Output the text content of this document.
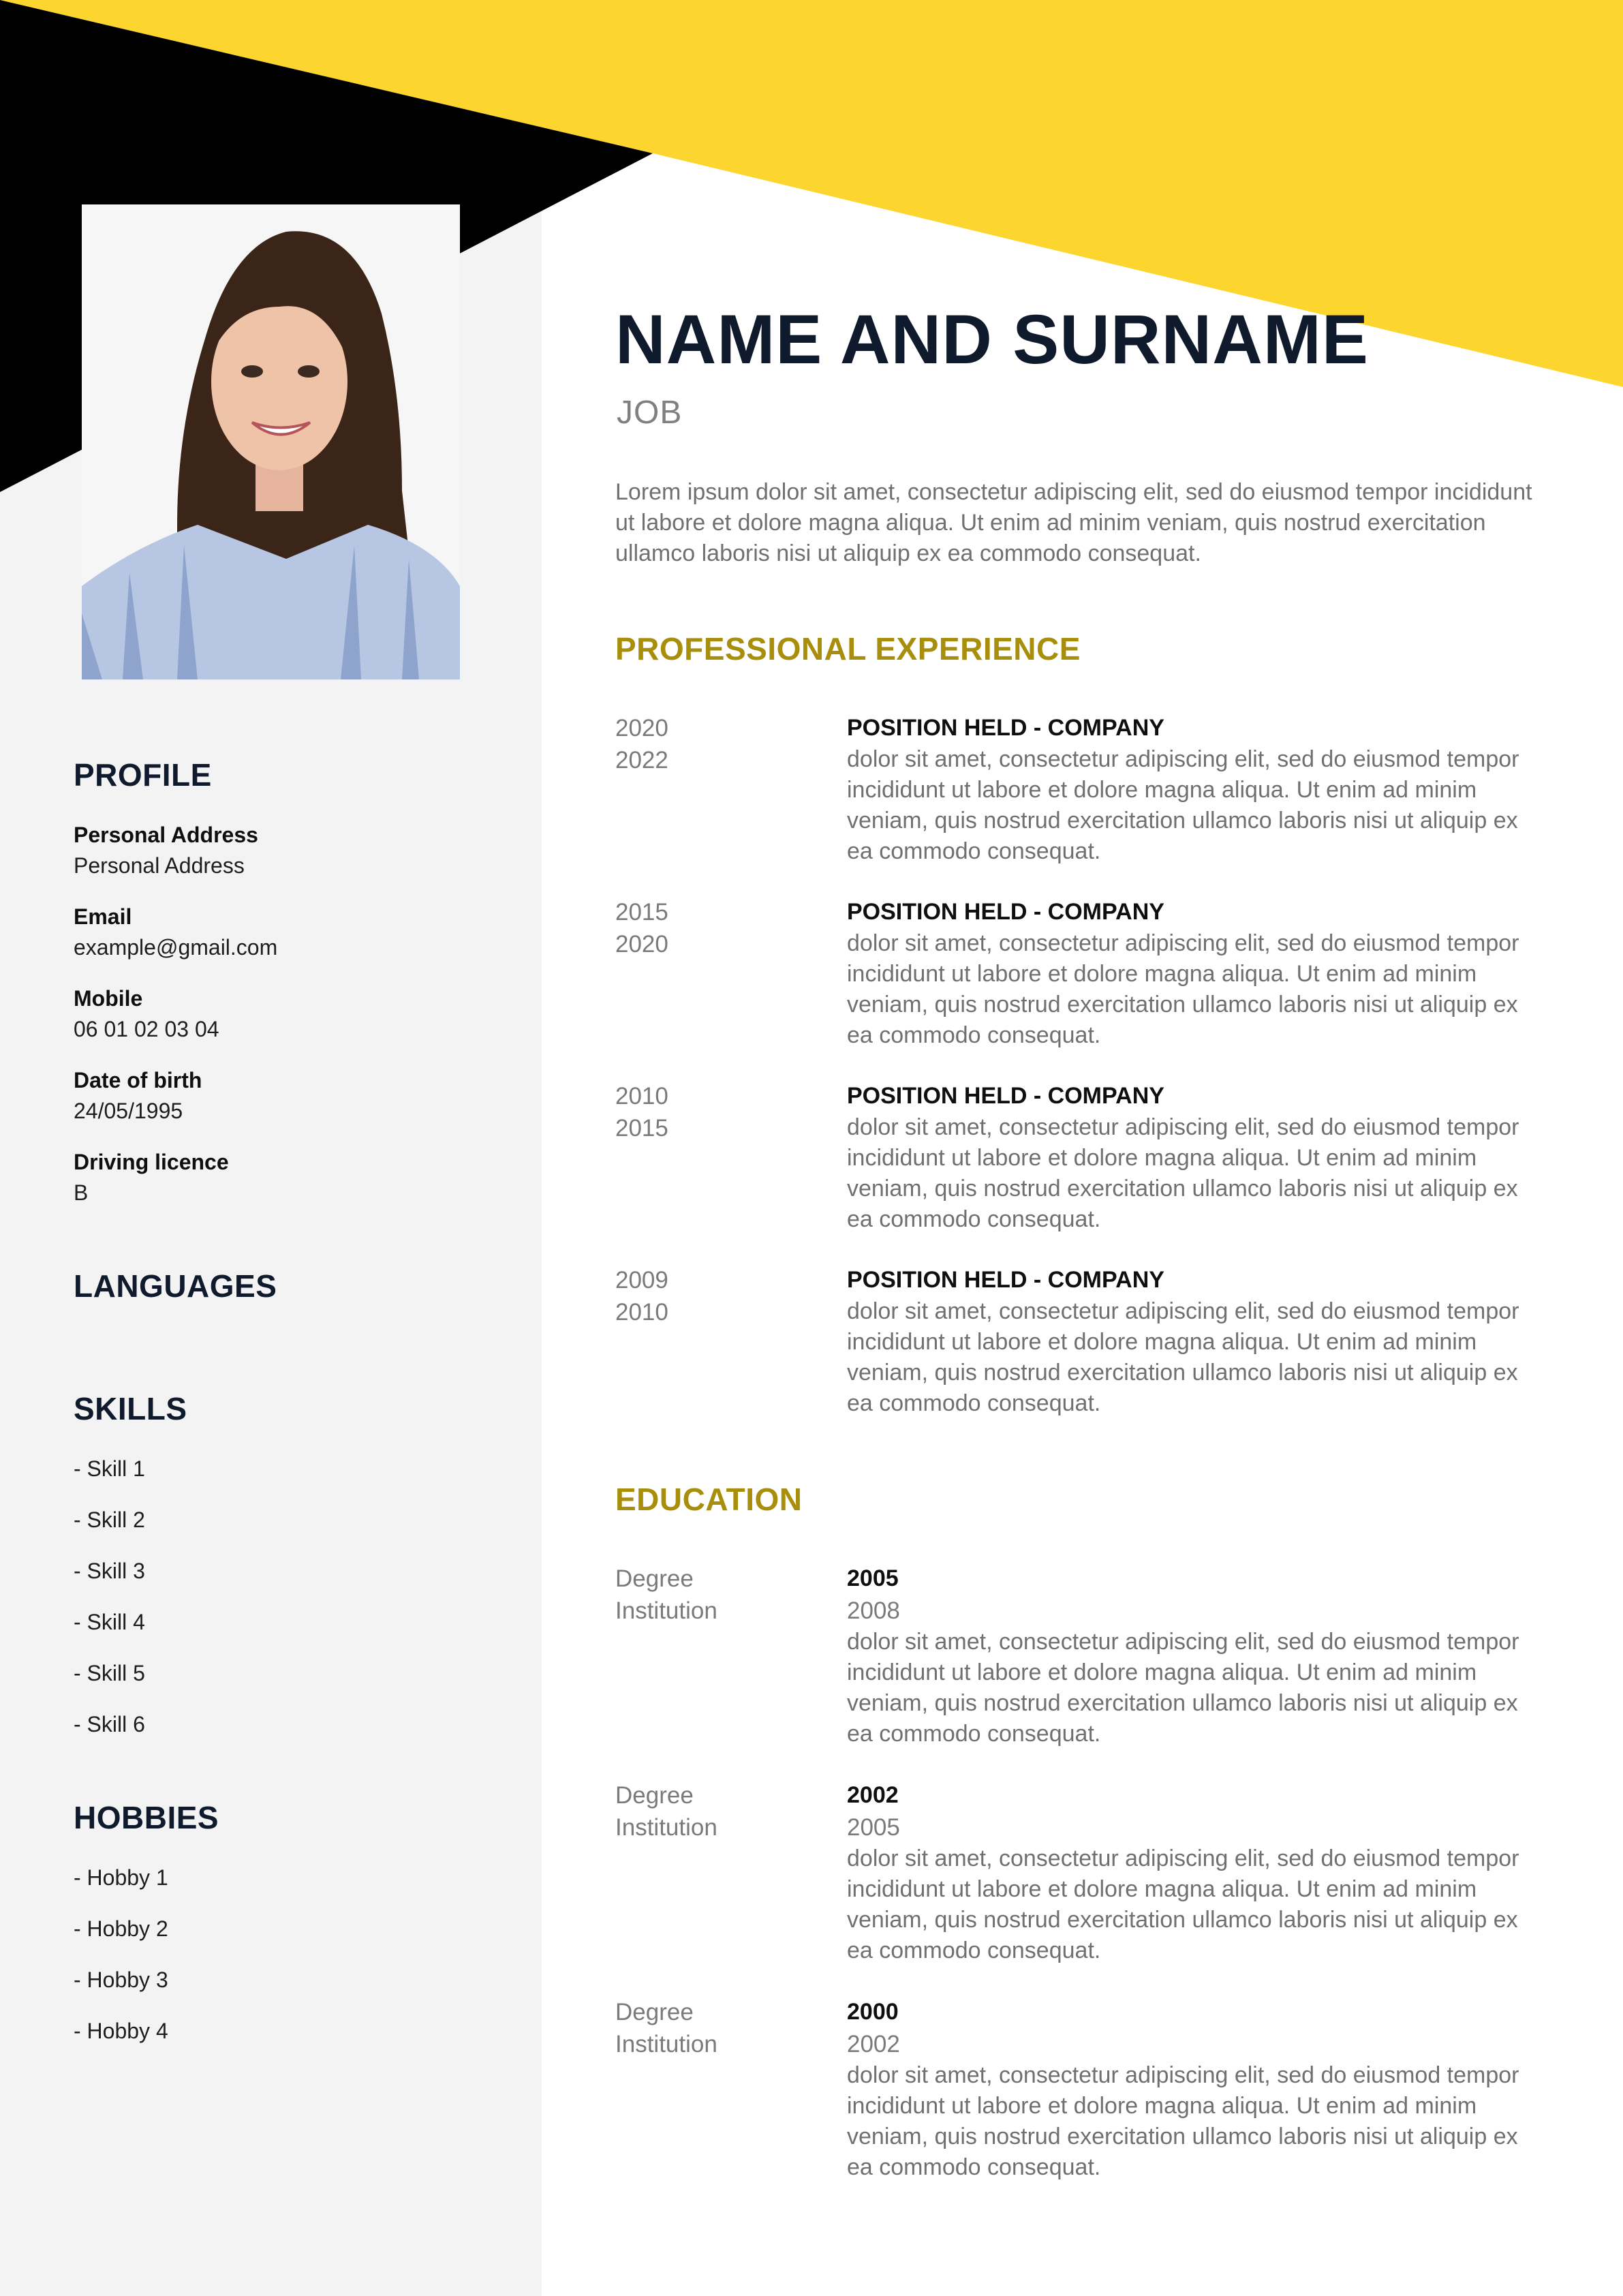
PROFILE
Personal Address
Personal Address
Email
example@gmail.com
Mobile
06 01 02 03 04
Date of birth
24/05/1995
Driving licence
B
LANGUAGES
SKILLS
- Skill 1
- Skill 2
- Skill 3
- Skill 4
- Skill 5
- Skill 6
HOBBIES
- Hobby 1
- Hobby 2
- Hobby 3
- Hobby 4
NAME AND SURNAME
JOB
Lorem ipsum dolor sit amet, consectetur adipiscing elit, sed do eiusmod tempor incididunt ut labore et dolore magna aliqua. Ut enim ad minim veniam, quis nostrud exercitation ullamco laboris nisi ut aliquip ex ea commodo consequat.
PROFESSIONAL EXPERIENCE
2020
2022
POSITION HELD - COMPANY
dolor sit amet, consectetur adipiscing elit, sed do eiusmod tempor incididunt ut labore et dolore magna aliqua. Ut enim ad minim veniam, quis nostrud exercitation ullamco laboris nisi ut aliquip ex ea commodo consequat.
2015
2020
POSITION HELD - COMPANY
dolor sit amet, consectetur adipiscing elit, sed do eiusmod tempor incididunt ut labore et dolore magna aliqua. Ut enim ad minim veniam, quis nostrud exercitation ullamco laboris nisi ut aliquip ex ea commodo consequat.
2010
2015
POSITION HELD - COMPANY
dolor sit amet, consectetur adipiscing elit, sed do eiusmod tempor incididunt ut labore et dolore magna aliqua. Ut enim ad minim veniam, quis nostrud exercitation ullamco laboris nisi ut aliquip ex ea commodo consequat.
2009
2010
POSITION HELD - COMPANY
dolor sit amet, consectetur adipiscing elit, sed do eiusmod tempor incididunt ut labore et dolore magna aliqua. Ut enim ad minim veniam, quis nostrud exercitation ullamco laboris nisi ut aliquip ex ea commodo consequat.
EDUCATION
Degree
Institution
2005
2008
dolor sit amet, consectetur adipiscing elit, sed do eiusmod tempor incididunt ut labore et dolore magna aliqua. Ut enim ad minim veniam, quis nostrud exercitation ullamco laboris nisi ut aliquip ex ea commodo consequat.
Degree
Institution
2002
2005
dolor sit amet, consectetur adipiscing elit, sed do eiusmod tempor incididunt ut labore et dolore magna aliqua. Ut enim ad minim veniam, quis nostrud exercitation ullamco laboris nisi ut aliquip ex ea commodo consequat.
Degree
Institution
2000
2002
dolor sit amet, consectetur adipiscing elit, sed do eiusmod tempor incididunt ut labore et dolore magna aliqua. Ut enim ad minim veniam, quis nostrud exercitation ullamco laboris nisi ut aliquip ex ea commodo consequat.
